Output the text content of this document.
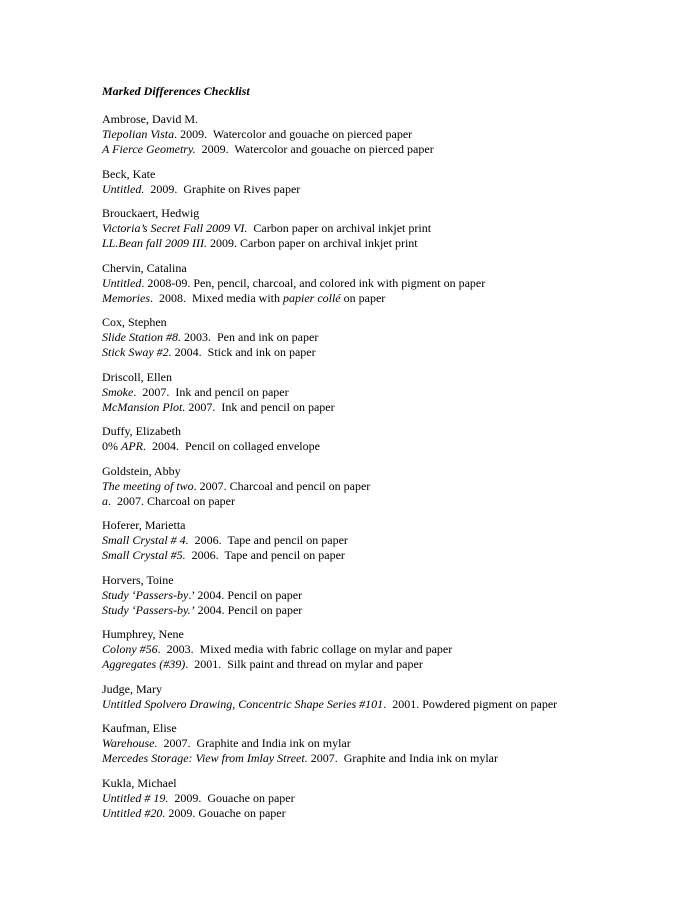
Marked Differences Checklist
Ambrose, David M.
Tiepolian Vista. 2009.  Watercolor and gouache on pierced paper
A Fierce Geometry.  2009.  Watercolor and gouache on pierced paper
Beck, Kate
Untitled.  2009.  Graphite on Rives paper
Brouckaert, Hedwig
Victoria’s Secret Fall 2009 VI.  Carbon paper on archival inkjet print
LL.Bean fall 2009 III. 2009. Carbon paper on archival inkjet print
Chervin, Catalina
Untitled. 2008-09. Pen, pencil, charcoal, and colored ink with pigment on paper
Memories.  2008.  Mixed media with papier collé on paper
Cox, Stephen
Slide Station #8. 2003.  Pen and ink on paper
Stick Sway #2. 2004.  Stick and ink on paper
Driscoll, Ellen
Smoke.  2007.  Ink and pencil on paper
McMansion Plot. 2007.  Ink and pencil on paper
Duffy, Elizabeth
0% APR.  2004.  Pencil on collaged envelope
Goldstein, Abby
The meeting of two. 2007. Charcoal and pencil on paper
a.  2007. Charcoal on paper
Hoferer, Marietta
Small Crystal # 4.  2006.  Tape and pencil on paper
Small Crystal #5.  2006.  Tape and pencil on paper
Horvers, Toine
Study ‘Passers-by.’ 2004. Pencil on paper
Study ‘Passers-by.’ 2004. Pencil on paper
Humphrey, Nene
Colony #56.  2003.  Mixed media with fabric collage on mylar and paper
Aggregates (#39).  2001.  Silk paint and thread on mylar and paper
Judge, Mary
Untitled Spolvero Drawing, Concentric Shape Series #101.  2001. Powdered pigment on paper
Kaufman, Elise
Warehouse.  2007.  Graphite and India ink on mylar
Mercedes Storage: View from Imlay Street. 2007.  Graphite and India ink on mylar
Kukla, Michael
Untitled # 19.  2009.  Gouache on paper
Untitled #20. 2009. Gouache on paper
